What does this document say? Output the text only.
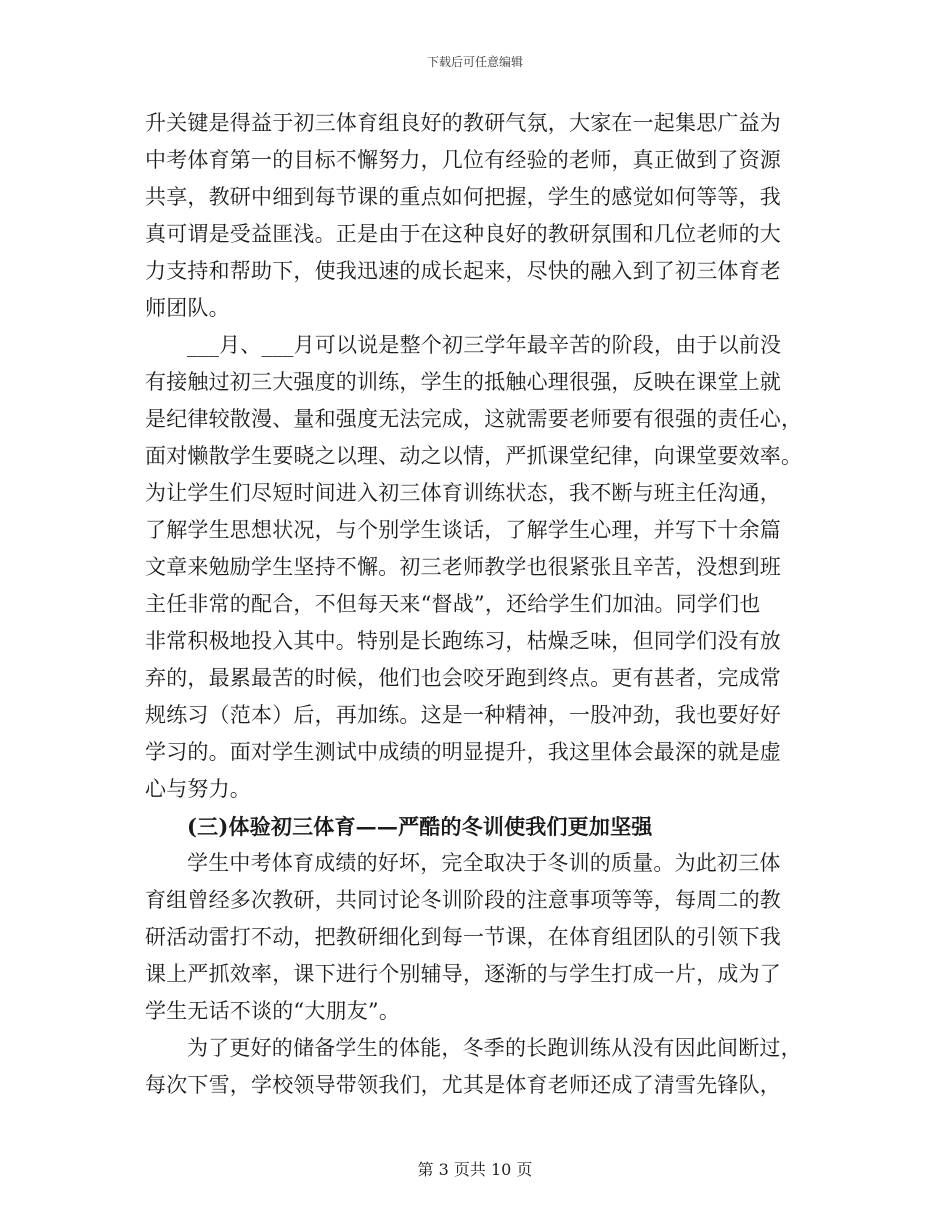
下载后可任意编辑
升关键是得益于初三体育组良好的教研气氛，大家在一起集思广益为
中考体育第一的目标不懈努力，几位有经验的老师，真正做到了资源
共享，教研中细到每节课的重点如何把握，学生的感觉如何等等，我
真可谓是受益匪浅。正是由于在这种良好的教研氛围和几位老师的大
力支持和帮助下，使我迅速的成长起来，尽快的融入到了初三体育老
师团队。
___月、___月可以说是整个初三学年最辛苦的阶段，由于以前没
有接触过初三大强度的训练，学生的抵触心理很强，反映在课堂上就
是纪律较散漫、量和强度无法完成，这就需要老师要有很强的责任心，
面对懒散学生要晓之以理、动之以情，严抓课堂纪律，向课堂要效率。
为让学生们尽短时间进入初三体育训练状态，我不断与班主任沟通，
了解学生思想状况，与个别学生谈话，了解学生心理，并写下十余篇
文章来勉励学生坚持不懈。初三老师教学也很紧张且辛苦，没想到班
主任非常的配合，不但每天来“督战”，还给学生们加油。同学们也
非常积极地投入其中。特别是长跑练习，枯燥乏味，但同学们没有放
弃的，最累最苦的时候，他们也会咬牙跑到终点。更有甚者，完成常
规练习（范本）后，再加练。这是一种精神，一股冲劲，我也要好好
学习的。面对学生测试中成绩的明显提升，我这里体会最深的就是虚
心与努力。
(三)体验初三体育——严酷的冬训使我们更加坚强
学生中考体育成绩的好坏，完全取决于冬训的质量。为此初三体
育组曾经多次教研，共同讨论冬训阶段的注意事项等等，每周二的教
研活动雷打不动，把教研细化到每一节课，在体育组团队的引领下我
课上严抓效率，课下进行个别辅导，逐渐的与学生打成一片，成为了
学生无话不谈的“大朋友”。
为了更好的储备学生的体能，冬季的长跑训练从没有因此间断过，
每次下雪，学校领导带领我们，尤其是体育老师还成了清雪先锋队，
第 3 页共 10 页
